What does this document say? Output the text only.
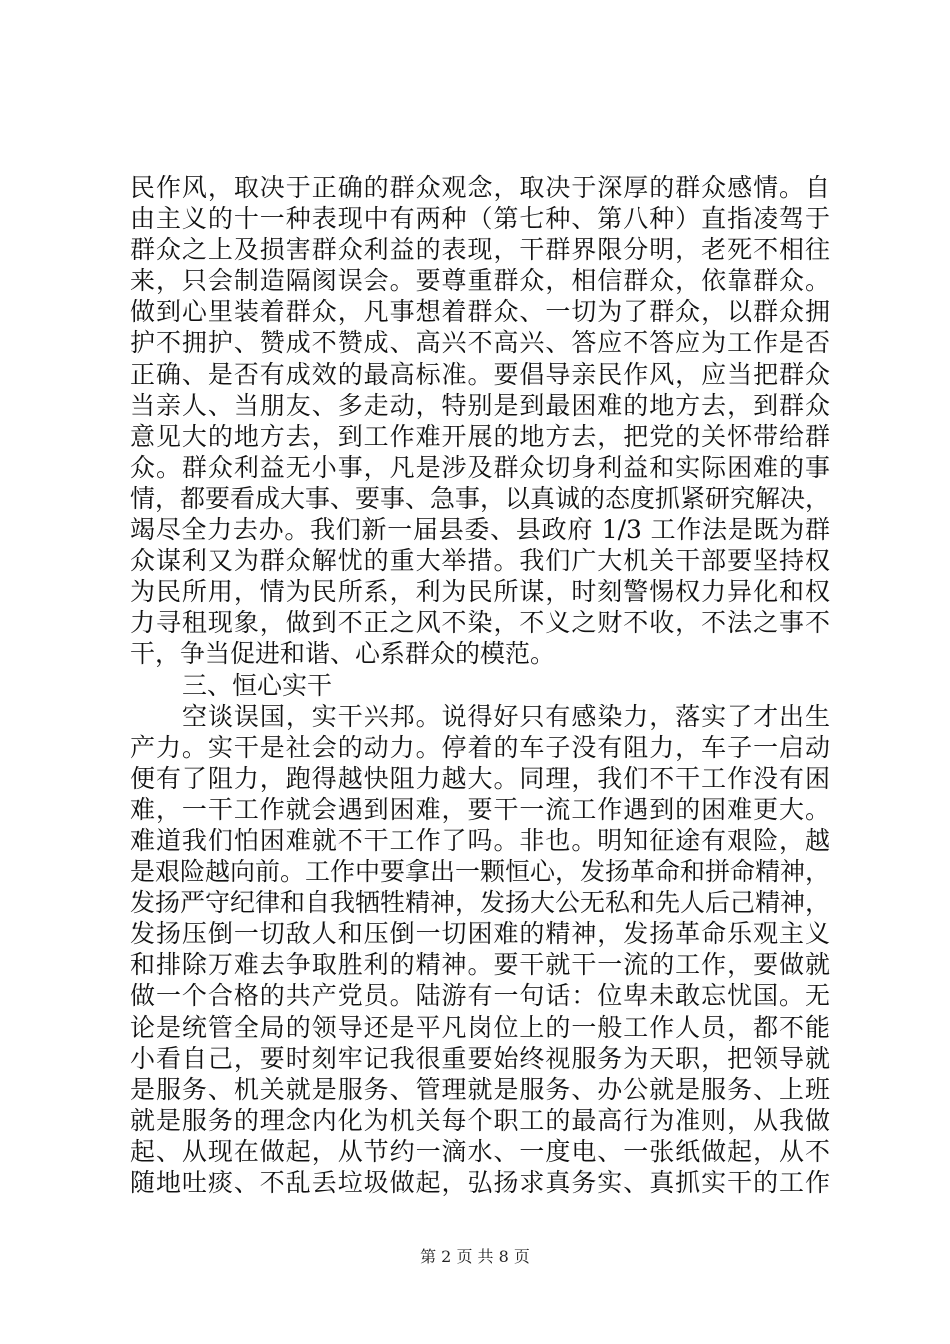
民作风，取决于正确的群众观念，取决于深厚的群众感情。自
由主义的十一种表现中有两种（第七种、第八种）直指凌驾于
群众之上及损害群众利益的表现，干群界限分明，老死不相往
来，只会制造隔阂误会。要尊重群众，相信群众，依靠群众。
做到心里装着群众，凡事想着群众、一切为了群众，以群众拥
护不拥护、赞成不赞成、高兴不高兴、答应不答应为工作是否
正确、是否有成效的最高标准。要倡导亲民作风，应当把群众
当亲人、当朋友、多走动，特别是到最困难的地方去，到群众
意见大的地方去，到工作难开展的地方去，把党的关怀带给群
众。群众利益无小事，凡是涉及群众切身利益和实际困难的事
情，都要看成大事、要事、急事，以真诚的态度抓紧研究解决，
竭尽全力去办。我们新一届县委、县政府 1/3 工作法是既为群
众谋利又为群众解忧的重大举措。我们广大机关干部要坚持权
为民所用，情为民所系，利为民所谋，时刻警惕权力异化和权
力寻租现象，做到不正之风不染，不义之财不收，不法之事不
干，争当促进和谐、心系群众的模范。
三、恒心实干
空谈误国，实干兴邦。说得好只有感染力，落实了才出生
产力。实干是社会的动力。停着的车子没有阻力，车子一启动
便有了阻力，跑得越快阻力越大。同理，我们不干工作没有困
难，一干工作就会遇到困难，要干一流工作遇到的困难更大。
难道我们怕困难就不干工作了吗。非也。明知征途有艰险，越
是艰险越向前。工作中要拿出一颗恒心，发扬革命和拼命精神，
发扬严守纪律和自我牺牲精神，发扬大公无私和先人后己精神，
发扬压倒一切敌人和压倒一切困难的精神，发扬革命乐观主义
和排除万难去争取胜利的精神。要干就干一流的工作，要做就
做一个合格的共产党员。陆游有一句话：位卑未敢忘忧国。无
论是统管全局的领导还是平凡岗位上的一般工作人员，都不能
小看自己，要时刻牢记我很重要始终视服务为天职，把领导就
是服务、机关就是服务、管理就是服务、办公就是服务、上班
就是服务的理念内化为机关每个职工的最高行为准则，从我做
起、从现在做起，从节约一滴水、一度电、一张纸做起，从不
随地吐痰、不乱丢垃圾做起，弘扬求真务实、真抓实干的工作
第 2 页 共 8 页
